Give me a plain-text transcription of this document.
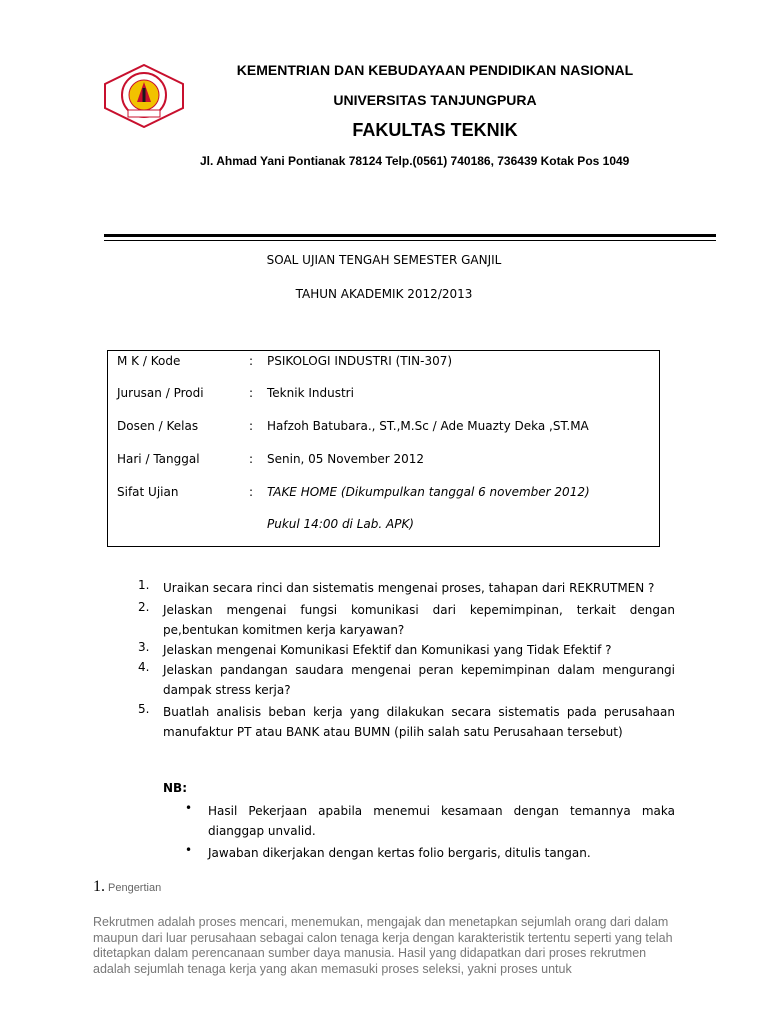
KEMENTRIAN DAN KEBUDAYAAN PENDIDIKAN NASIONAL
UNIVERSITAS TANJUNGPURA
FAKULTAS TEKNIK
Jl. Ahmad Yani Pontianak 78124 Telp.(0561) 740186, 736439 Kotak Pos 1049
SOAL UJIAN TENGAH SEMESTER GANJIL
TAHUN AKADEMIK 2012/2013
M K / Kode	: PSIKOLOGI INDUSTRI (TIN-307)
Jurusan / Prodi	: Teknik Industri
Dosen / Kelas	: Hafzoh Batubara., ST.,M.Sc / Ade Muazty Deka ,ST.MA
Hari / Tanggal	: Senin, 05 November 2012
Sifat Ujian	: TAKE HOME (Dikumpulkan tanggal 6 november 2012)
Pukul 14:00 di Lab. APK)
1. Uraikan secara rinci dan sistematis mengenai proses, tahapan dari REKRUTMEN ?
2. Jelaskan mengenai fungsi komunikasi dari kepemimpinan, terkait dengan pe,bentukan komitmen kerja karyawan?
3. Jelaskan mengenai Komunikasi Efektif dan Komunikasi yang Tidak Efektif ?
4. Jelaskan pandangan saudara mengenai peran kepemimpinan dalam mengurangi dampak stress kerja?
5. Buatlah analisis beban kerja yang dilakukan secara sistematis pada perusahaan manufaktur PT atau BANK atau BUMN (pilih salah satu Perusahaan tersebut)
NB:
• Hasil Pekerjaan apabila menemui kesamaan dengan temannya maka dianggap unvalid.
• Jawaban dikerjakan dengan kertas folio bergaris, ditulis tangan.
1. Pengertian
Rekrutmen adalah proses mencari, menemukan, mengajak dan menetapkan sejumlah orang dari dalam maupun dari luar perusahaan sebagai calon tenaga kerja dengan karakteristik tertentu seperti yang telah ditetapkan dalam perencanaan sumber daya manusia. Hasil yang didapatkan dari proses rekrutmen adalah sejumlah tenaga kerja yang akan memasuki proses seleksi, yakni proses untuk
